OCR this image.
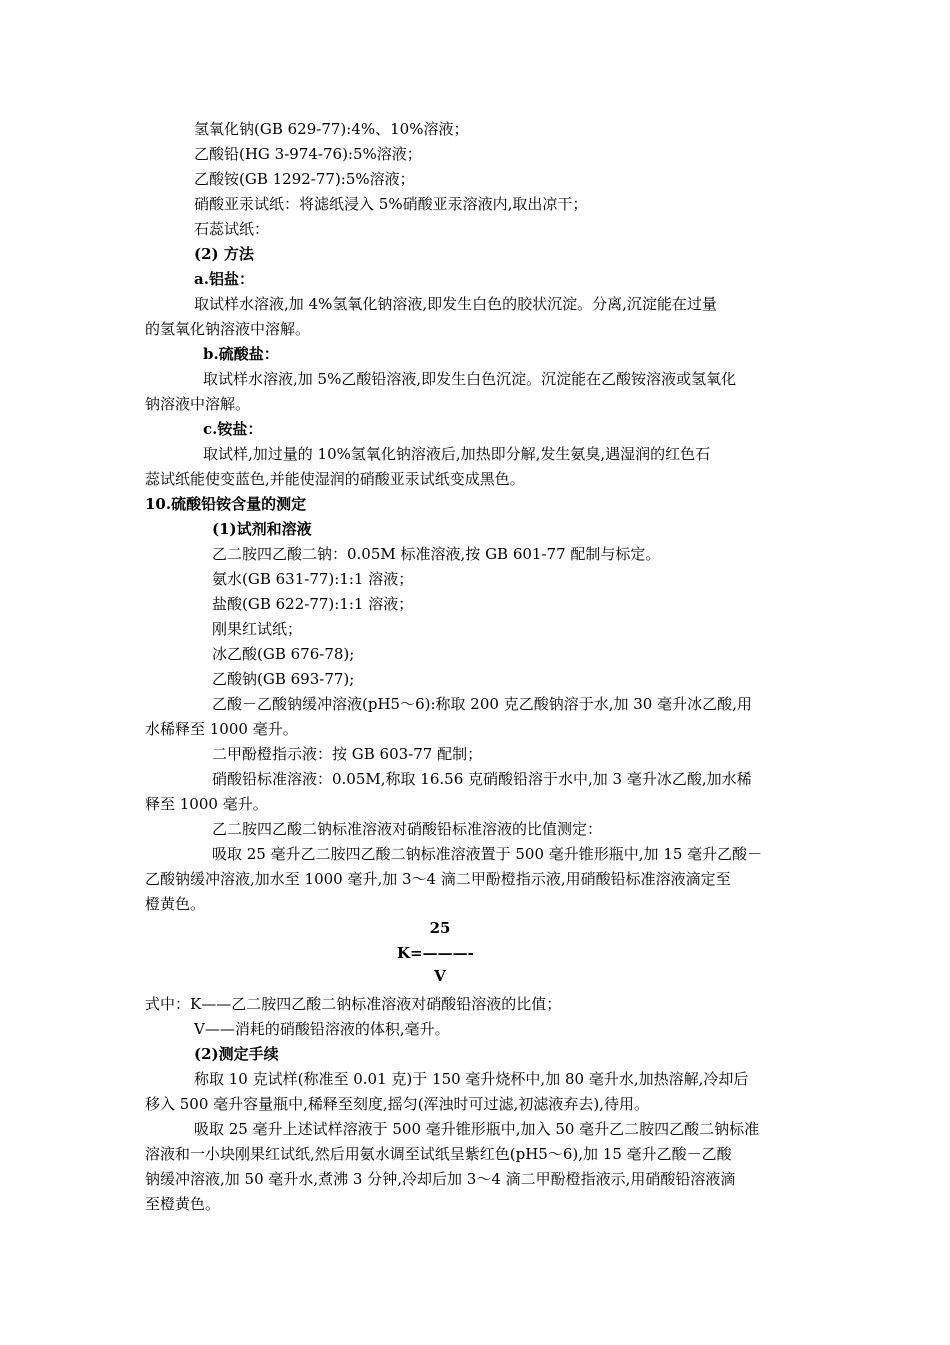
氢氧化钠(GB 629-77):4%、10%溶液；
乙酸铅(HG 3-974-76):5%溶液；
乙酸铵(GB 1292-77):5%溶液；
硝酸亚汞试纸：将滤纸浸入 5%硝酸亚汞溶液内,取出凉干；
石蕊试纸：
(2) 方法
a.铝盐：
取试样水溶液,加 4%氢氧化钠溶液,即发生白色的胶状沉淀。分离,沉淀能在过量
的氢氧化钠溶液中溶解。
b.硫酸盐：
取试样水溶液,加 5%乙酸铅溶液,即发生白色沉淀。沉淀能在乙酸铵溶液或氢氧化
钠溶液中溶解。
c.铵盐：
取试样,加过量的 10%氢氧化钠溶液后,加热即分解,发生氨臭,遇湿润的红色石
蕊试纸能使变蓝色,并能使湿润的硝酸亚汞试纸变成黑色。
10.硫酸铅铵含量的测定
(1)试剂和溶液
乙二胺四乙酸二钠：0.05M 标准溶液,按 GB 601-77 配制与标定。
氨水(GB 631-77):1:1 溶液；
盐酸(GB 622-77):1:1 溶液；
刚果红试纸；
冰乙酸(GB 676-78);
乙酸钠(GB 693-77);
乙酸－乙酸钠缓冲溶液(pH5～6):称取 200 克乙酸钠溶于水,加 30 毫升冰乙酸,用
水稀释至 1000 毫升。
二甲酚橙指示液：按 GB 603-77 配制；
硝酸铅标准溶液：0.05M,称取 16.56 克硝酸铅溶于水中,加 3 毫升冰乙酸,加水稀
释至 1000 毫升。
乙二胺四乙酸二钠标准溶液对硝酸铅标准溶液的比值测定：
吸取 25 毫升乙二胺四乙酸二钠标准溶液置于 500 毫升锥形瓶中,加 15 毫升乙酸－
乙酸钠缓冲溶液,加水至 1000 毫升,加 3～4 滴二甲酚橙指示液,用硝酸铅标准溶液滴定至
橙黄色。
25
K=———-
V
式中：K——乙二胺四乙酸二钠标准溶液对硝酸铅溶液的比值；
V——消耗的硝酸铅溶液的体积,毫升。
(2)测定手续
称取 10 克试样(称准至 0.01 克)于 150 毫升烧杯中,加 80 毫升水,加热溶解,冷却后
移入 500 毫升容量瓶中,稀释至刻度,摇匀(浑浊时可过滤,初滤液弃去),待用。
吸取 25 毫升上述试样溶液于 500 毫升锥形瓶中,加入 50 毫升乙二胺四乙酸二钠标准
溶液和一小块刚果红试纸,然后用氨水调至试纸呈紫红色(pH5～6),加 15 毫升乙酸－乙酸
钠缓冲溶液,加 50 毫升水,煮沸 3 分钟,冷却后加 3～4 滴二甲酚橙指液示,用硝酸铅溶液滴
至橙黄色。
